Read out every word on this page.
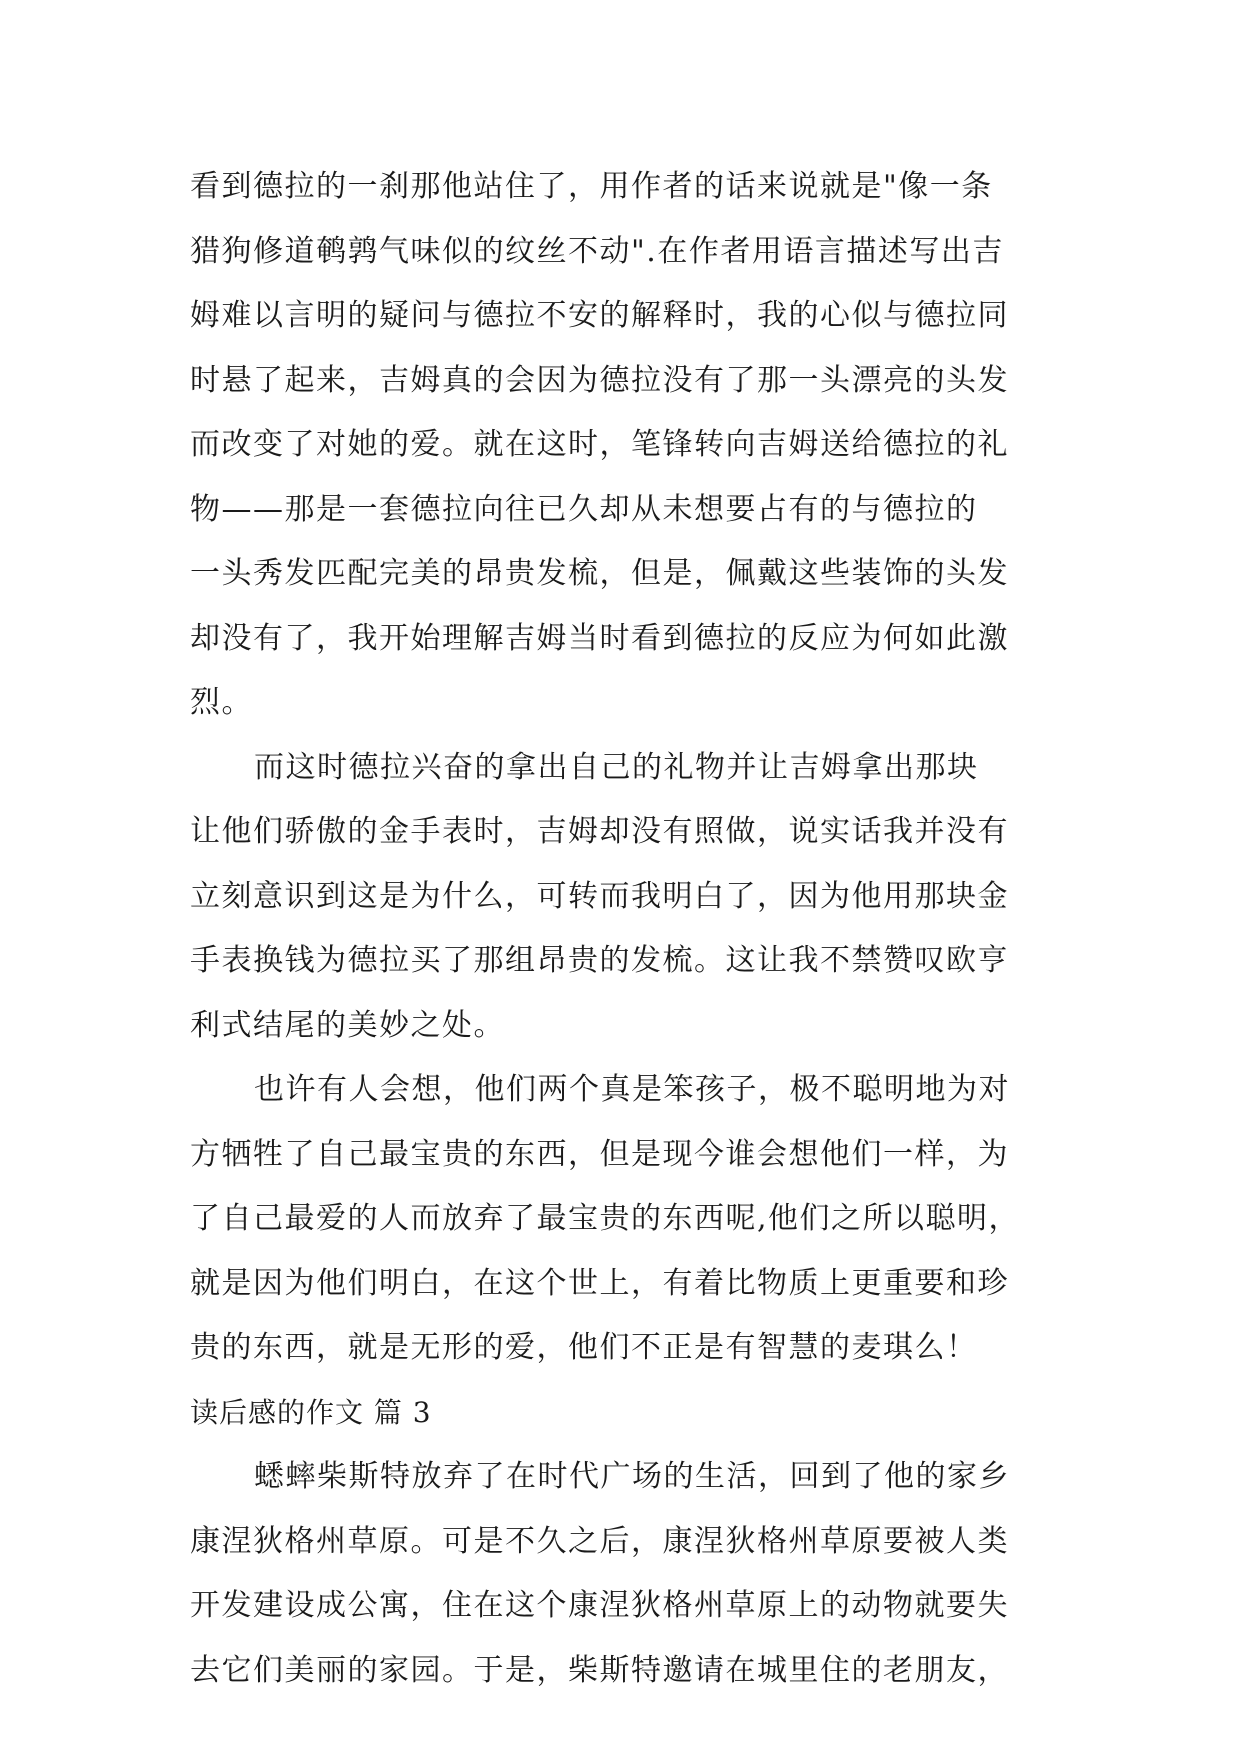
看到德拉的一刹那他站住了，用作者的话来说就是"像一条
猎狗修道鹌鹑气味似的纹丝不动".在作者用语言描述写出吉
姆难以言明的疑问与德拉不安的解释时，我的心似与德拉同
时悬了起来，吉姆真的会因为德拉没有了那一头漂亮的头发
而改变了对她的爱。就在这时，笔锋转向吉姆送给德拉的礼
物——那是一套德拉向往已久却从未想要占有的与德拉的
一头秀发匹配完美的昂贵发梳，但是，佩戴这些装饰的头发
却没有了，我开始理解吉姆当时看到德拉的反应为何如此激
烈。
而这时德拉兴奋的拿出自己的礼物并让吉姆拿出那块
让他们骄傲的金手表时，吉姆却没有照做，说实话我并没有
立刻意识到这是为什么，可转而我明白了，因为他用那块金
手表换钱为德拉买了那组昂贵的发梳。这让我不禁赞叹欧亨
利式结尾的美妙之处。
也许有人会想，他们两个真是笨孩子，极不聪明地为对
方牺牲了自己最宝贵的东西，但是现今谁会想他们一样，为
了自己最爱的人而放弃了最宝贵的东西呢,他们之所以聪明，
就是因为他们明白，在这个世上，有着比物质上更重要和珍
贵的东西，就是无形的爱，他们不正是有智慧的麦琪么！
读后感的作文 篇 3
蟋蟀柴斯特放弃了在时代广场的生活，回到了他的家乡
康涅狄格州草原。可是不久之后，康涅狄格州草原要被人类
开发建设成公寓，住在这个康涅狄格州草原上的动物就要失
去它们美丽的家园。于是，柴斯特邀请在城里住的老朋友，
